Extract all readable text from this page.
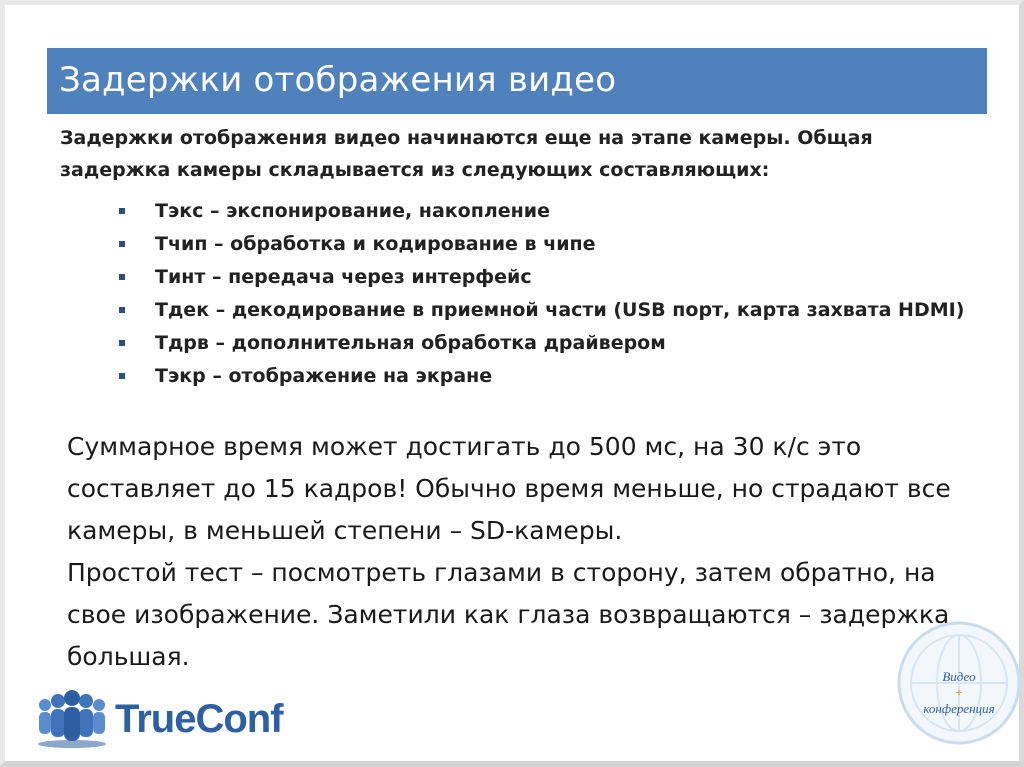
Задержки отображения видео
Задержки отображения видео начинаются еще на этапе камеры. Общая задержка камеры складывается из следующих составляющих:
Тэкс – экспонирование, накопление
Тчип – обработка и кодирование в чипе
Тинт – передача через интерфейс
Тдек – декодирование в приемной части (USB порт, карта захвата HDMI)
Тдрв – дополнительная обработка драйвером
Тэкр – отображение на экране

Суммарное время может достигать до 500 мс, на 30 к/с это составляет до 15 кадров! Обычно время меньше, но страдают все камеры, в меньшей степени – SD-камеры.

Простой тест – посмотреть глазами в сторону, затем обратно, на свое изображение. Заметили как глаза возвращаются – задержка большая.

TrueConf
Видео
+
конференция
